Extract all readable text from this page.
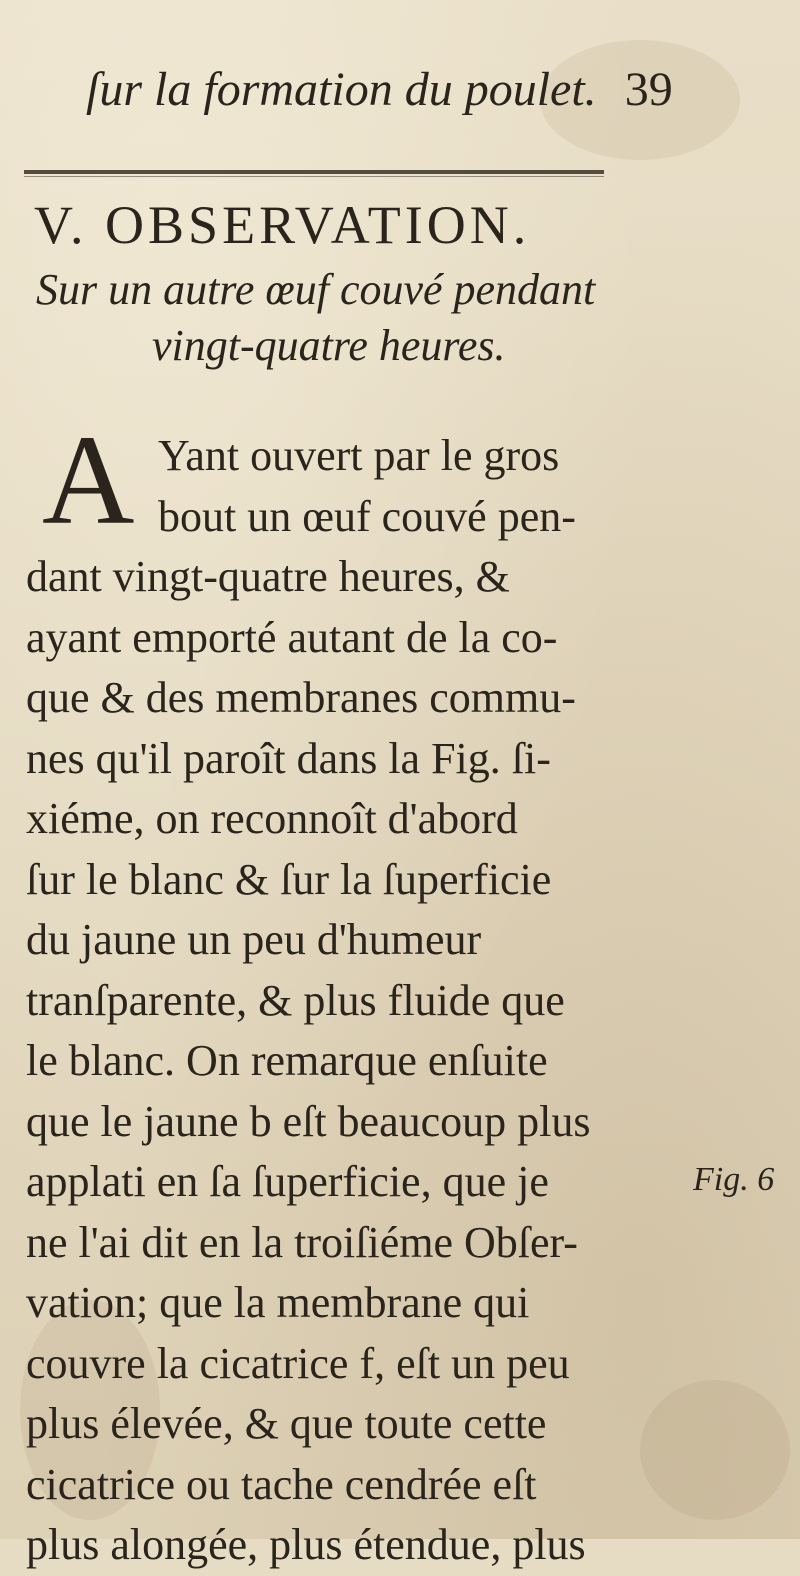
ſur la formation du poulet. 39
V. OBSERVATION.
Sur un autre œuf couvé pendant
vingt-quatre heures.
A Yant ouvert par le gros
bout un œuf couvé pen-
dant vingt-quatre heures, &
ayant emporté autant de la co-
que & des membranes commu-
nes qu'il paroît dans la Fig. ſi-
xiéme, on reconnoît d'abord
ſur le blanc & ſur la ſuperficie
du jaune un peu d'humeur
tranſparente, & plus fluide que
le blanc. On remarque enſuite
que le jaune b eſt beaucoup plus
applati en ſa ſuperficie, que je
ne l'ai dit en la troiſiéme Obſer-
vation; que la membrane qui
couvre la cicatrice f, eſt un peu
plus élevée, & que toute cette
cicatrice ou tache cendrée eſt
plus alongée, plus étendue, plus
Fig. 6
